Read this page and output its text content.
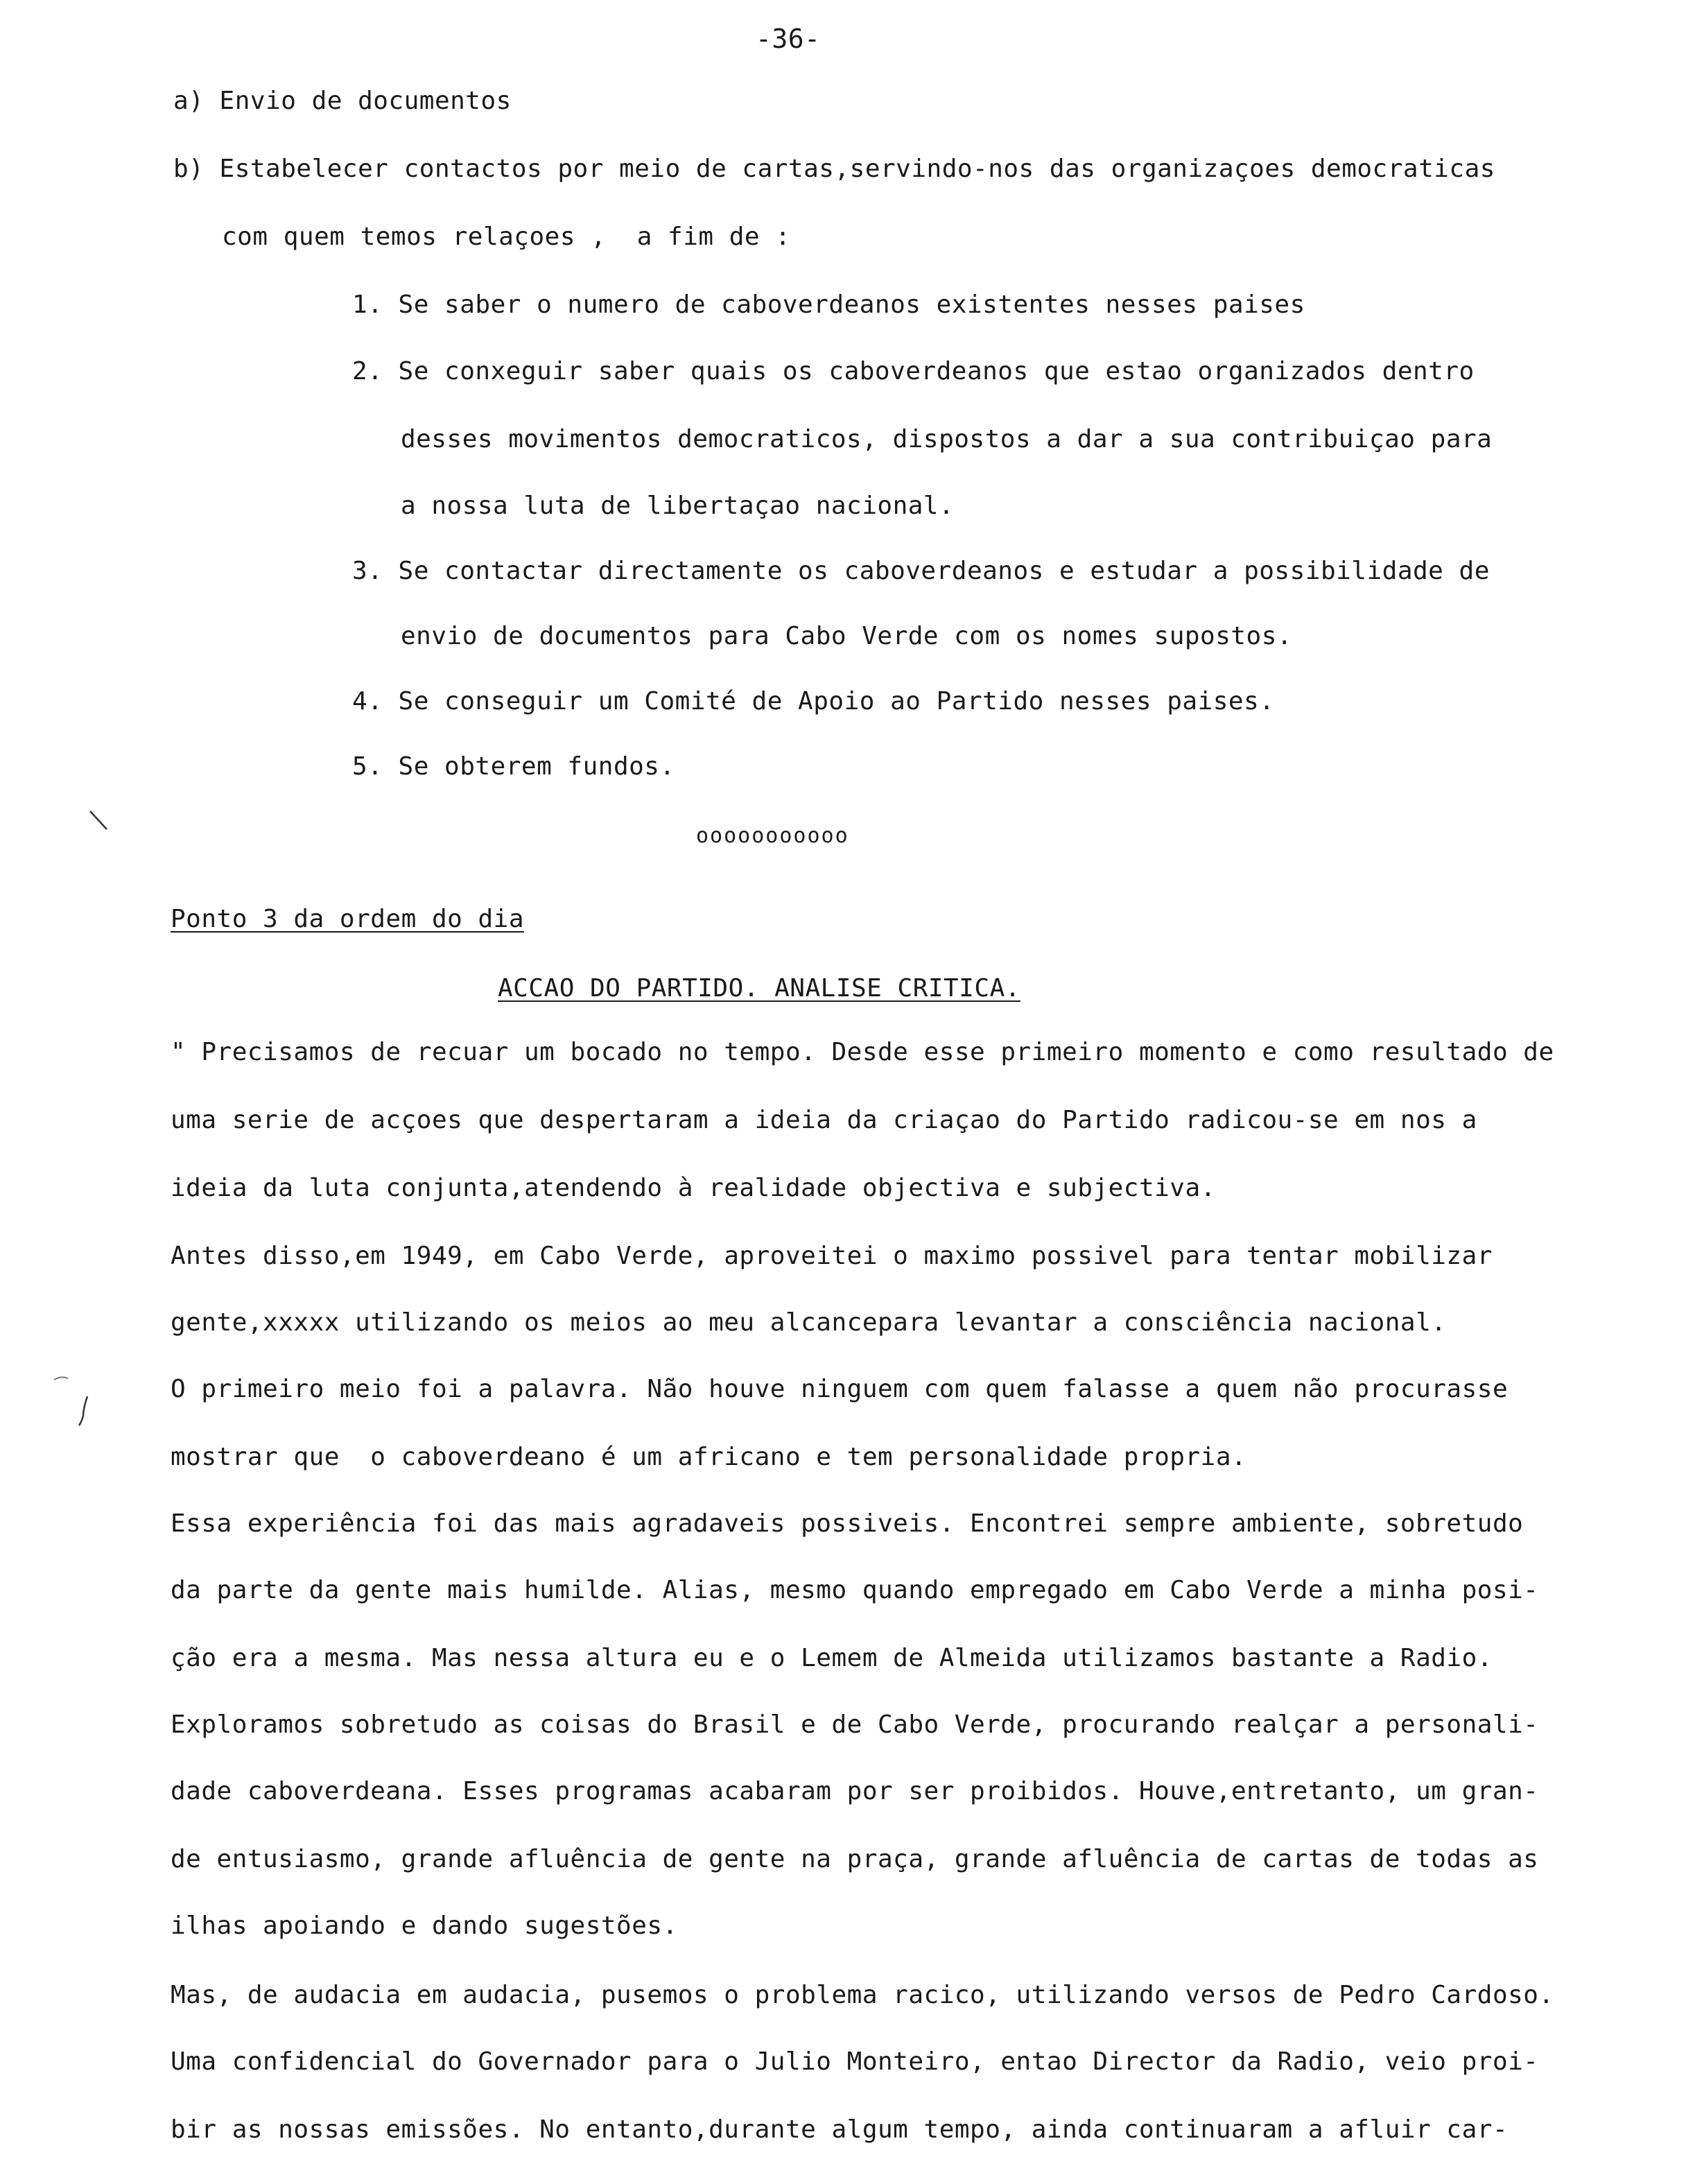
-36-
a) Envio de documentos
b) Estabelecer contactos por meio de cartas,servindo-nos das organizaçoes democraticas
com quem temos relaçoes ,  a fim de :
1. Se saber o numero de caboverdeanos existentes nesses paises
2. Se conxeguir saber quais os caboverdeanos que estao organizados dentro
desses movimentos democraticos, dispostos a dar a sua contribuiçao para
a nossa luta de libertaçao nacional.
3. Se contactar directamente os caboverdeanos e estudar a possibilidade de
envio de documentos para Cabo Verde com os nomes supostos.
4. Se conseguir um Comité de Apoio ao Partido nesses paises.
5. Se obterem fundos.
ooooooooooo
Ponto 3 da ordem do dia
ACCAO DO PARTIDO. ANALISE CRITICA.
" Precisamos de recuar um bocado no tempo. Desde esse primeiro momento e como resultado de
uma serie de acçoes que despertaram a ideia da criaçao do Partido radicou-se em nos a
ideia da luta conjunta,atendendo à realidade objectiva e subjectiva.
Antes disso,em 1949, em Cabo Verde, aproveitei o maximo possivel para tentar mobilizar
gente,xxxxx utilizando os meios ao meu alcancepara levantar a consciência nacional.
O primeiro meio foi a palavra. Não houve ninguem com quem falasse a quem não procurasse
mostrar que  o caboverdeano é um africano e tem personalidade propria.
Essa experiência foi das mais agradaveis possiveis. Encontrei sempre ambiente, sobretudo
da parte da gente mais humilde. Alias, mesmo quando empregado em Cabo Verde a minha posi-
ção era a mesma. Mas nessa altura eu e o Lemem de Almeida utilizamos bastante a Radio.
Exploramos sobretudo as coisas do Brasil e de Cabo Verde, procurando realçar a personali-
dade caboverdeana. Esses programas acabaram por ser proibidos. Houve,entretanto, um gran-
de entusiasmo, grande afluência de gente na praça, grande afluência de cartas de todas as
ilhas apoiando e dando sugestões.
Mas, de audacia em audacia, pusemos o problema racico, utilizando versos de Pedro Cardoso.
Uma confidencial do Governador para o Julio Monteiro, entao Director da Radio, veio proi-
bir as nossas emissões. No entanto,durante algum tempo, ainda continuaram a afluir car-
